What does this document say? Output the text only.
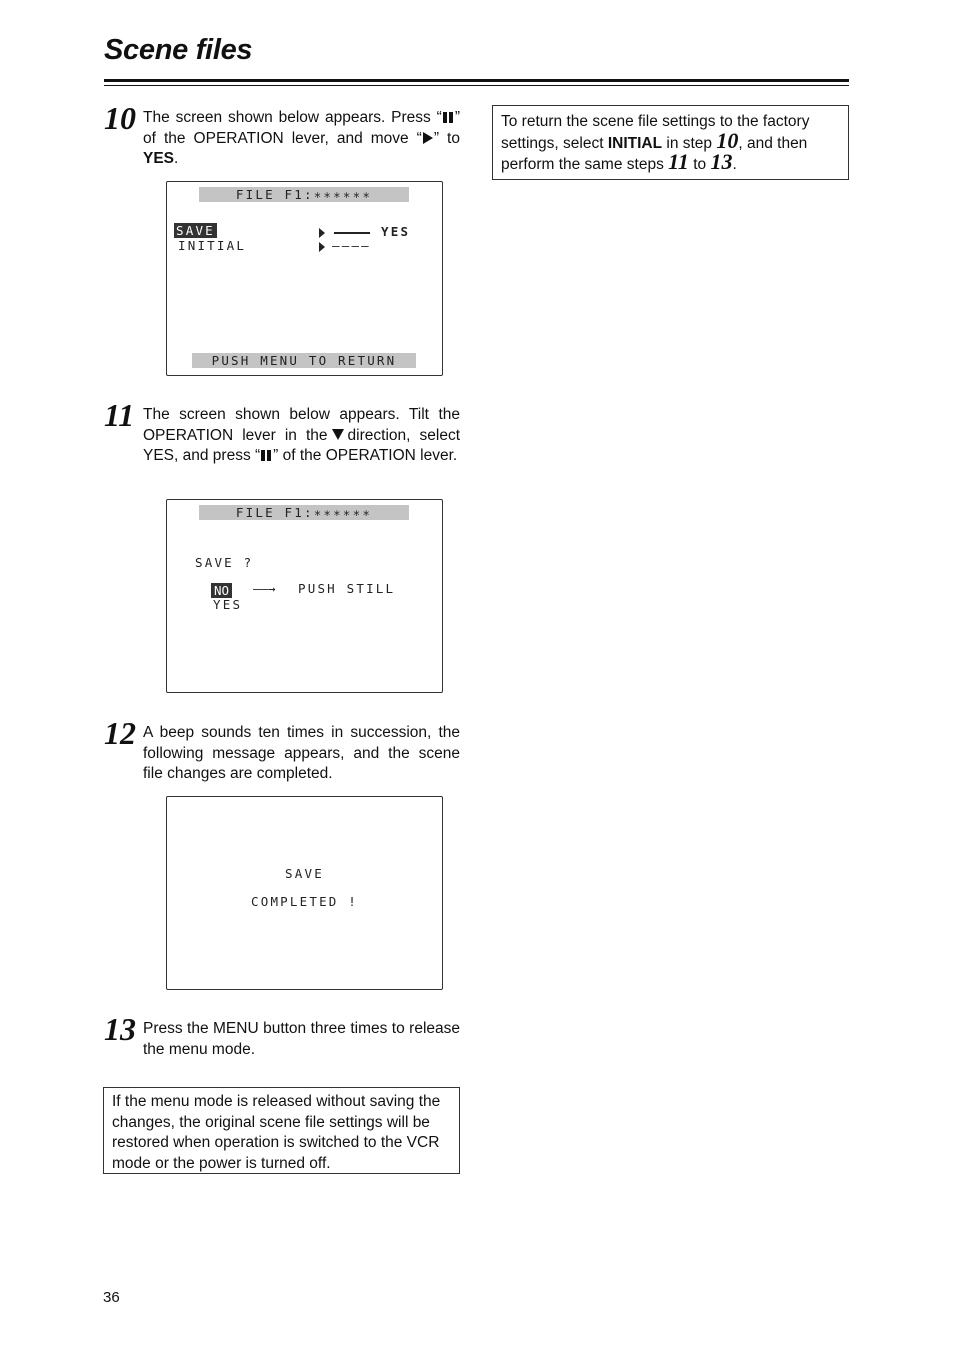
Scene files
10 The screen shown below appears. Press “ ” of the OPERATION lever, and move “ ” to YES.
FILE F1:∗∗∗∗∗∗
SAVE
INITIAL
YES
––––
PUSH MENU TO RETURN
11 The screen shown below appears. Tilt the OPERATION lever in the direction, select YES, and press “ ” of the OPERATION lever.
FILE F1:∗∗∗∗∗∗
SAVE ?
NO
YES
––→ PUSH STILL
12 A beep sounds ten times in succession, the following message appears, and the scene file changes are completed.
SAVE
COMPLETED !
13 Press the MENU button three times to release the menu mode.
If the menu mode is released without saving the changes, the original scene file settings will be restored when operation is switched to the VCR mode or the power is turned off.
To return the scene file settings to the factory settings, select INITIAL in step 10, and then perform the same steps 11 to 13.
36
